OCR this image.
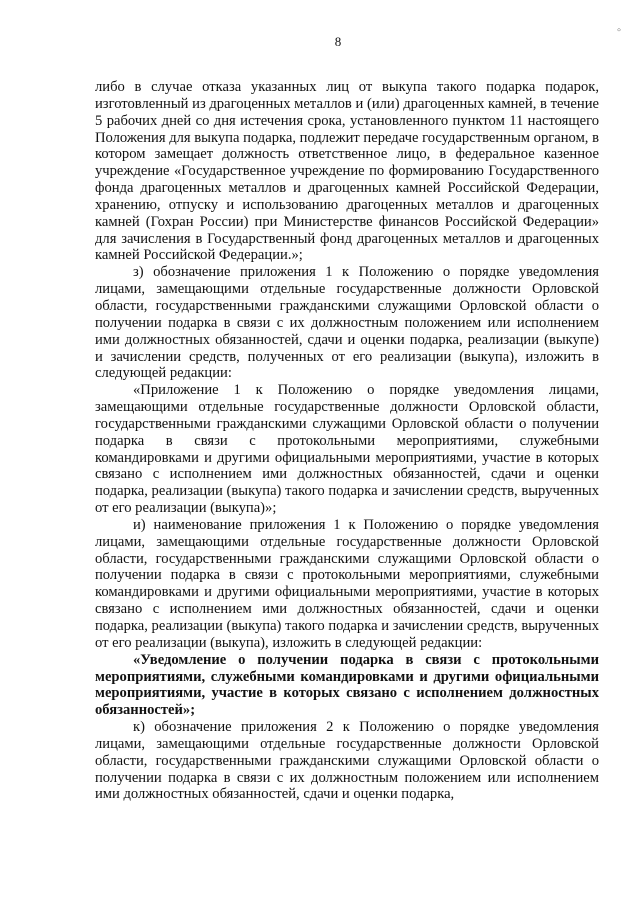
8
°

либо в случае отказа указанных лиц от выкупа такого подарка подарок, изготовленный из драгоценных металлов и (или) драгоценных камней, в течение 5 рабочих дней со дня истечения срока, установленного пунктом 11 настоящего Положения для выкупа подарка, подлежит передаче государственным органом, в котором замещает должность ответственное лицо, в федеральное казенное учреждение «Государственное учреждение по формированию Государственного фонда драгоценных металлов и драгоценных камней Российской Федерации, хранению, отпуску и использованию драгоценных металлов и драгоценных камней (Гохран России) при Министерстве финансов Российской Федерации» для зачисления в Государственный фонд драгоценных металлов и драгоценных камней Российской Федерации.»;

з) обозначение приложения 1 к Положению о порядке уведомления лицами, замещающими отдельные государственные должности Орловской области, государственными гражданскими служащими Орловской области о получении подарка в связи с их должностным положением или исполнением ими должностных обязанностей, сдачи и оценки подарка, реализации (выкупе) и зачислении средств, полученных от его реализации (выкупа), изложить в следующей редакции:

«Приложение 1 к Положению о порядке уведомления лицами, замещающими отдельные государственные должности Орловской области, государственными гражданскими служащими Орловской области о получении подарка в связи с протокольными мероприятиями, служебными командировками и другими официальными мероприятиями, участие в которых связано с исполнением ими должностных обязанностей, сдачи и оценки подарка, реализации (выкупа) такого подарка и зачислении средств, вырученных от его реализации (выкупа)»;

и) наименование приложения 1 к Положению о порядке уведомления лицами, замещающими отдельные государственные должности Орловской области, государственными гражданскими служащими Орловской области о получении подарка в связи с протокольными мероприятиями, служебными командировками и другими официальными мероприятиями, участие в которых связано с исполнением ими должностных обязанностей, сдачи и оценки подарка, реализации (выкупа) такого подарка и зачислении средств, вырученных от его реализации (выкупа), изложить в следующей редакции:

«Уведомление о получении подарка в связи с протокольными мероприятиями, служебными командировками и другими официальными мероприятиями, участие в которых связано с исполнением должностных обязанностей»;

к) обозначение приложения 2 к Положению о порядке уведомления лицами, замещающими отдельные государственные должности Орловской области, государственными гражданскими служащими Орловской области о получении подарка в связи с их должностным положением или исполнением ими должностных обязанностей, сдачи и оценки подарка,
